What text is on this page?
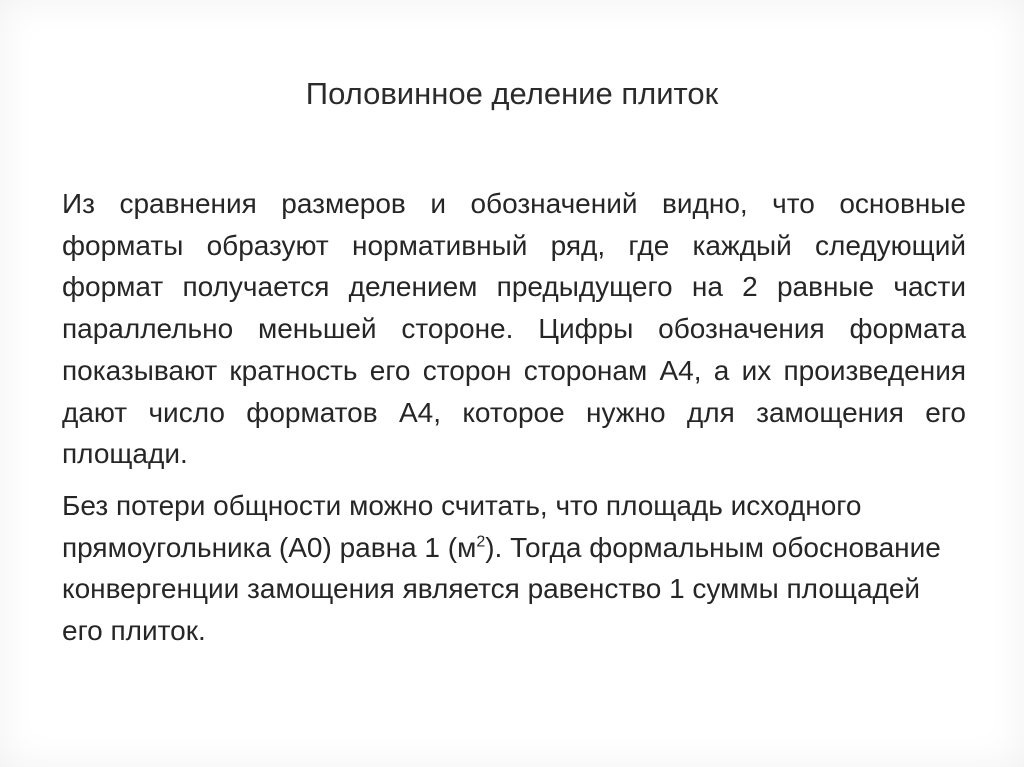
Половинное деление плиток

Из сравнения размеров и обозначений видно, что основные форматы образуют нормативный ряд, где каждый следующий формат получается делением предыдущего на 2 равные части параллельно меньшей стороне. Цифры обозначения формата показывают кратность его сторон сторонам А4, а их произведения дают число форматов А4, которое нужно для замощения его площади.

Без потери общности можно считать, что площадь исходного прямоугольника (А0) равна 1 $(м^2)$. Тогда формальным обоснование конвергенции замощения является равенство 1 суммы площадей его плиток.
